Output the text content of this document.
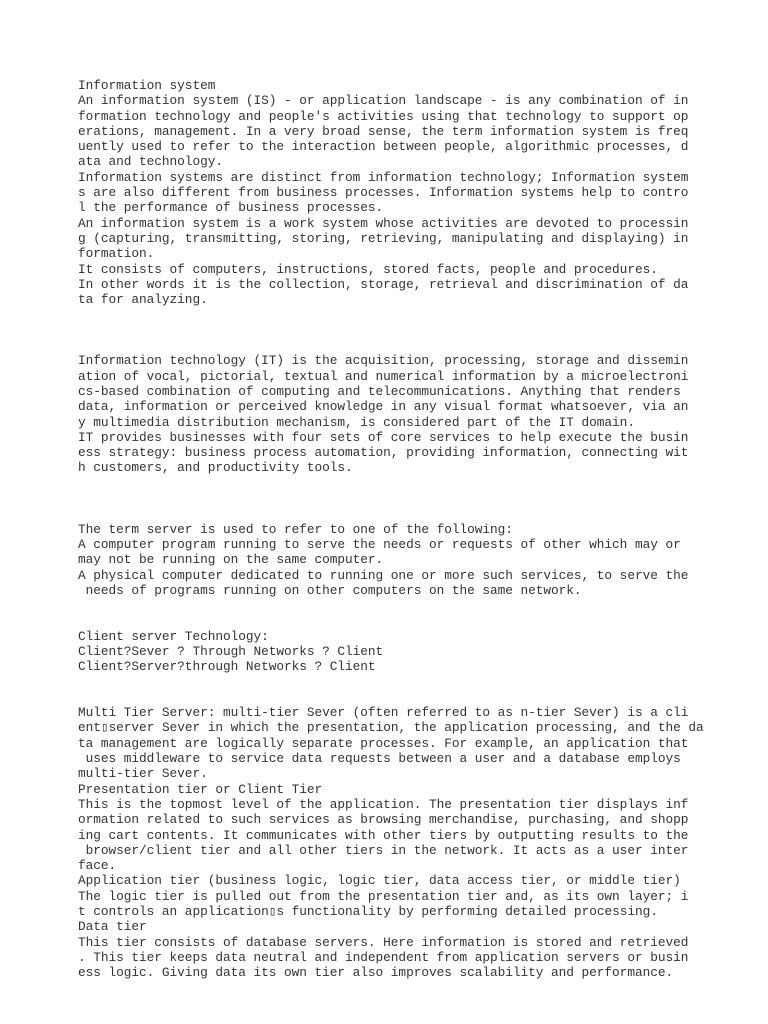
Information system
An information system (IS) - or application landscape - is any combination of in
formation technology and people's activities using that technology to support op
erations, management. In a very broad sense, the term information system is freq
uently used to refer to the interaction between people, algorithmic processes, d
ata and technology.
Information systems are distinct from information technology; Information system
s are also different from business processes. Information systems help to contro
l the performance of business processes.
An information system is a work system whose activities are devoted to processin
g (capturing, transmitting, storing, retrieving, manipulating and displaying) in
formation.
It consists of computers, instructions, stored facts, people and procedures.
In other words it is the collection, storage, retrieval and discrimination of da
ta for analyzing.
Information technology (IT) is the acquisition, processing, storage and dissemin
ation of vocal, pictorial, textual and numerical information by a microelectroni
cs-based combination of computing and telecommunications. Anything that renders
data, information or perceived knowledge in any visual format whatsoever, via an
y multimedia distribution mechanism, is considered part of the IT domain.
IT provides businesses with four sets of core services to help execute the busin
ess strategy: business process automation, providing information, connecting wit
h customers, and productivity tools.
The term server is used to refer to one of the following:
A computer program running to serve the needs or requests of other which may or
may not be running on the same computer.
A physical computer dedicated to running one or more such services, to serve the
needs of programs running on other computers on the same network.
Client server Technology:
Client?Sever ? Through Networks ? Client
Client?Server?through Networks ? Client
Multi Tier Server: multi-tier Sever (often referred to as n-tier Sever) is a cli
ent▯server Sever in which the presentation, the application processing, and the da
ta management are logically separate processes. For example, an application that
uses middleware to service data requests between a user and a database employs
multi-tier Sever.
Presentation tier or Client Tier
This is the topmost level of the application. The presentation tier displays inf
ormation related to such services as browsing merchandise, purchasing, and shopp
ing cart contents. It communicates with other tiers by outputting results to the
browser/client tier and all other tiers in the network. It acts as a user inter
face.
Application tier (business logic, logic tier, data access tier, or middle tier)
The logic tier is pulled out from the presentation tier and, as its own layer; i
t controls an application▯s functionality by performing detailed processing.
Data tier
This tier consists of database servers. Here information is stored and retrieved
. This tier keeps data neutral and independent from application servers or busin
ess logic. Giving data its own tier also improves scalability and performance.
